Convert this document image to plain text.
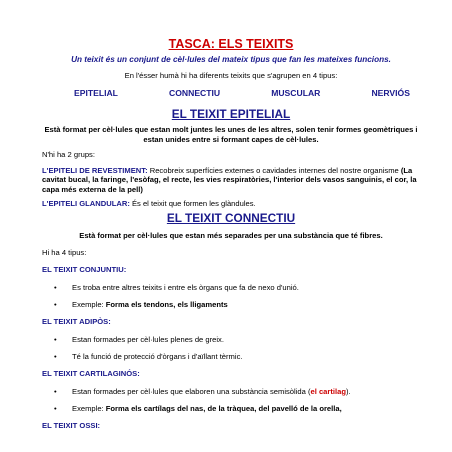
TASCA: ELS TEIXITS

Un teixit és un conjunt de cèl·lules del mateix tipus que fan les mateixes funcions.

En l'ésser humà hi ha diferents teixits que s'agrupen en 4 tipus:

EPITELIAL	CONNECTIU	MUSCULAR	NERVIÓS
EL TEIXIT EPITELIAL

Està format per cèl·lules que estan molt juntes les unes de les altres, solen tenir formes geomètriques i estan unides entre si formant capes de cèl·lules.

N'hi ha 2 grups:

L'EPITELI DE REVESTIMENT: Recobreix superfícies externes o cavidades internes del nostre organisme (La cavitat bucal, la faringe, l'esòfag, el recte, les vies respiratòries, l'interior dels vasos sanguinis, el cor, la capa més externa de la pell)

L'EPITELI GLANDULAR: És el teixit que formen les glàndules.

EL TEIXIT CONNECTIU

Està format per cèl·lules que estan més separades per una substància que té fibres.

Hi ha 4 tipus:

EL TEIXIT CONJUNTIU:

• Es troba entre altres teixits i entre els òrgans que fa de nexo d'unió.
• Exemple: Forma els tendons, els lligaments

EL TEIXIT ADIPÒS:

• Estan formades per cèl·lules plenes de greix.
• Té la funció de protecció d'òrgans i d'aïllant tèrmic.

EL TEIXIT CARTILAGINÓS:

• Estan formades per cèl·lules que elaboren una substància semisòlida (el cartilag).
• Exemple: Forma els cartílags del nas, de la tràquea, del pavelló de la orella,

EL TEIXIT OSSI:
